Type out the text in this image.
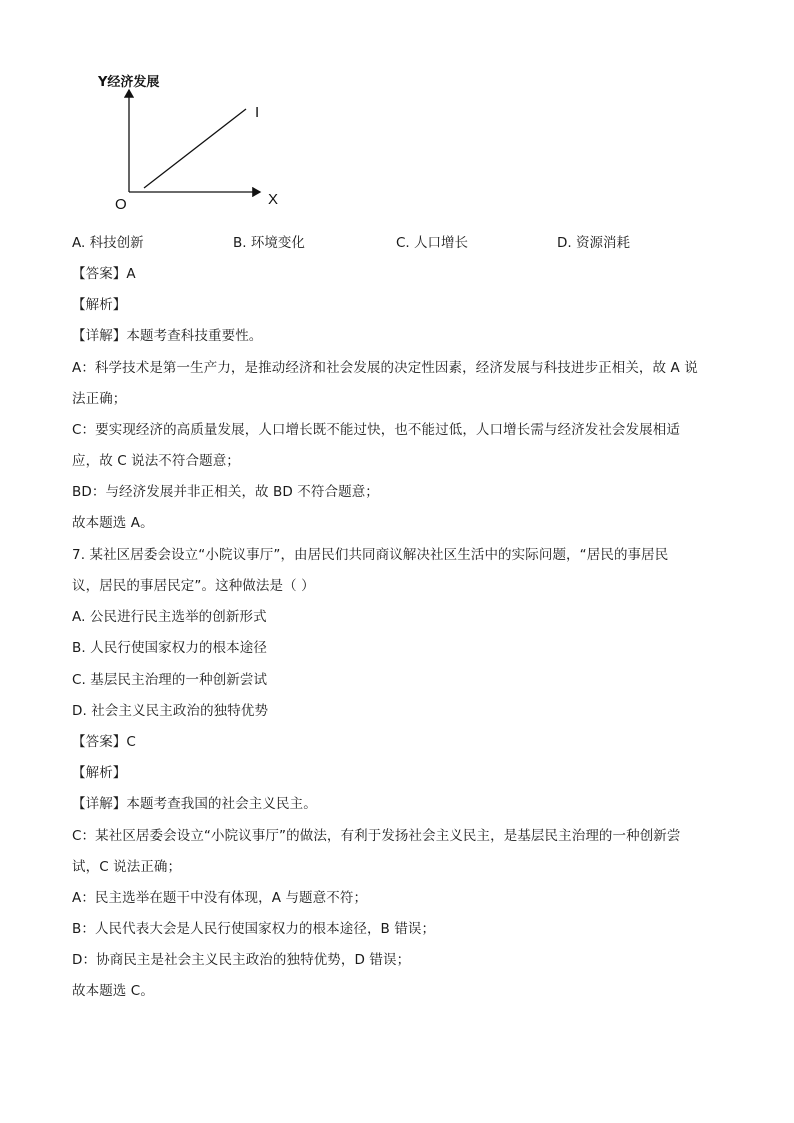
Y经济发展
X
O
I
A. 科技创新	B. 环境变化	C. 人口增长	D. 资源消耗
【答案】A
【解析】
【详解】本题考查科技重要性。
A：科学技术是第一生产力，是推动经济和社会发展的决定性因素，经济发展与科技进步正相关，故 A 说
法正确；
C：要实现经济的高质量发展，人口增长既不能过快，也不能过低，人口增长需与经济发社会发展相适
应，故 C 说法不符合题意；
BD：与经济发展并非正相关，故 BD 不符合题意；
故本题选 A。
7. 某社区居委会设立“小院议事厅”，由居民们共同商议解决社区生活中的实际问题，“居民的事居民
议，居民的事居民定”。这种做法是（ ）
A. 公民进行民主选举的创新形式
B. 人民行使国家权力的根本途径
C. 基层民主治理的一种创新尝试
D. 社会主义民主政治的独特优势
【答案】C
【解析】
【详解】本题考查我国的社会主义民主。
C：某社区居委会设立“小院议事厅”的做法，有利于发扬社会主义民主，是基层民主治理的一种创新尝
试，C 说法正确；
A：民主选举在题干中没有体现，A 与题意不符；
B：人民代表大会是人民行使国家权力的根本途径，B 错误；
D：协商民主是社会主义民主政治的独特优势，D 错误；
故本题选 C。
